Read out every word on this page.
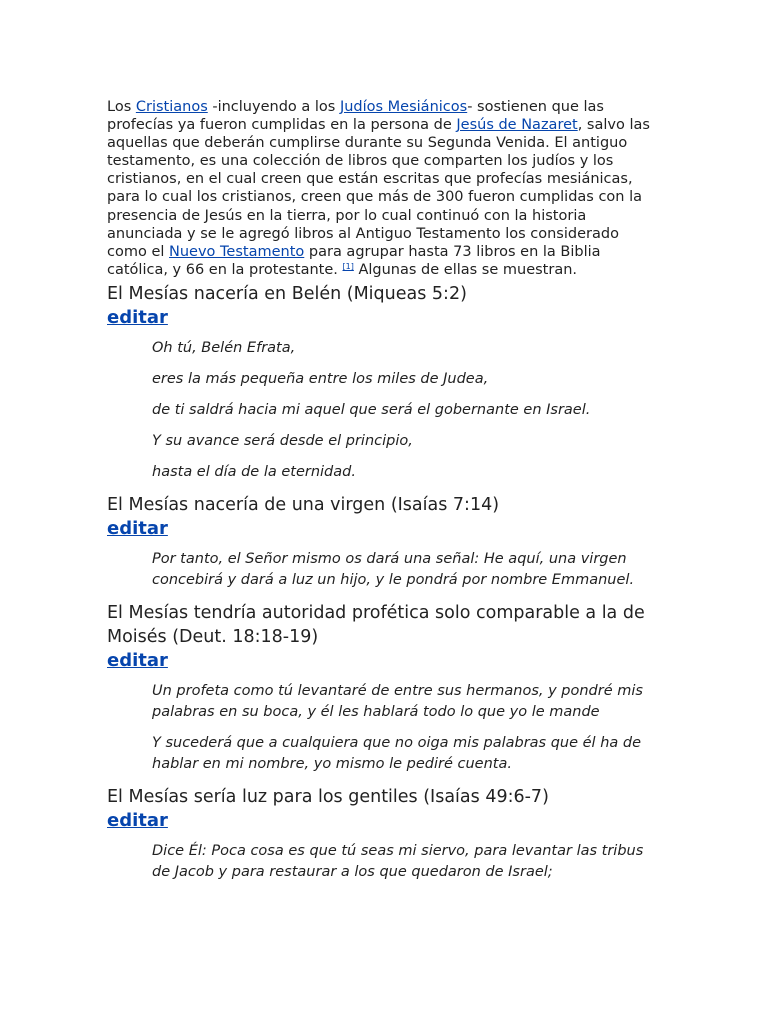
Los Cristianos -incluyendo a los Judíos Mesiánicos- sostienen que las profecías ya fueron cumplidas en la persona de Jesús de Nazaret, salvo las aquellas que deberán cumplirse durante su Segunda Venida. El antiguo testamento, es una colección de libros que comparten los judíos y los cristianos, en el cual creen que están escritas que profecías mesiánicas, para lo cual los cristianos, creen que más de 300 fueron cumplidas con la presencia de Jesús en la tierra, por lo cual continuó con la historia anunciada y se le agregó libros al Antiguo Testamento los considerado como el Nuevo Testamento para agrupar hasta 73 libros en la Biblia católica, y 66 en la protestante. [1] Algunas de ellas se muestran.

El Mesías nacería en Belén (Miqueas 5:2)
editar

Oh tú, Belén Efrata,

eres la más pequeña entre los miles de Judea,

de ti saldrá hacia mi aquel que será el gobernante en Israel.

Y su avance será desde el principio,

hasta el día de la eternidad.

El Mesías nacería de una virgen (Isaías 7:14)
editar

Por tanto, el Señor mismo os dará una señal: He aquí, una virgen concebirá y dará a luz un hijo, y le pondrá por nombre Emmanuel.

El Mesías tendría autoridad profética solo comparable a la de Moisés (Deut. 18:18-19)
editar

Un profeta como tú levantaré de entre sus hermanos, y pondré mis palabras en su boca, y él les hablará todo lo que yo le mande

Y sucederá que a cualquiera que no oiga mis palabras que él ha de hablar en mi nombre, yo mismo le pediré cuenta.

El Mesías sería luz para los gentiles (Isaías 49:6-7)
editar

Dice Él: Poca cosa es que tú seas mi siervo, para levantar las tribus de Jacob y para restaurar a los que quedaron de Israel;
